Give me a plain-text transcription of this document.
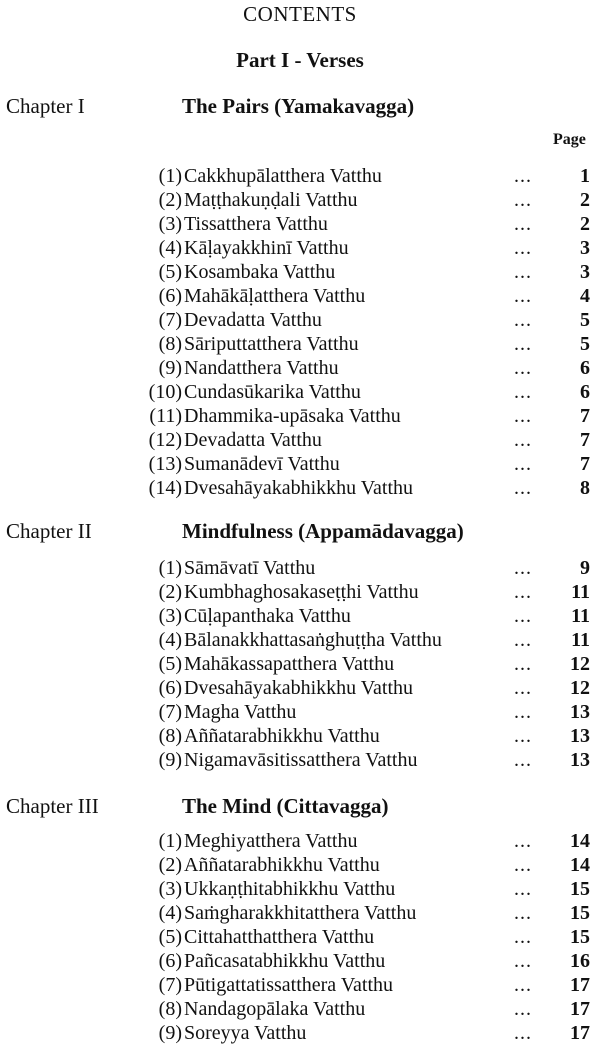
CONTENTS
Part I - Verses
Chapter I	The Pairs (Yamakavagga)
Page
(1) Cakkhupālatthera Vatthu	... 1
(2) Maṭṭhakuṇḍali Vatthu	... 2
(3) Tissatthera Vatthu	... 2
(4) Kāḷayakkhinī Vatthu	... 3
(5) Kosambaka Vatthu	... 3
(6) Mahākāḷatthera Vatthu	... 4
(7) Devadatta Vatthu	... 5
(8) Sāriputtatthera Vatthu	... 5
(9) Nandatthera Vatthu	... 6
(10) Cundasūkarika Vatthu	... 6
(11) Dhammika-upāsaka Vatthu	... 7
(12) Devadatta Vatthu	... 7
(13) Sumanādevī Vatthu	... 7
(14) Dvesahāyakabhikkhu Vatthu	... 8
Chapter II	Mindfulness (Appamādavagga)
(1) Sāmāvatī Vatthu	... 9
(2) Kumbhaghosakaseṭṭhi Vatthu	... 11
(3) Cūḷapanthaka Vatthu	... 11
(4) Bālanakkhattasaṅghuṭṭha Vatthu	... 11
(5) Mahākassapatthera Vatthu	... 12
(6) Dvesahāyakabhikkhu Vatthu	... 12
(7) Magha Vatthu	... 13
(8) Aññatarabhikkhu Vatthu	... 13
(9) Nigamavāsitissatthera Vatthu	... 13
Chapter III	The Mind (Cittavagga)
(1) Meghiyatthera Vatthu	... 14
(2) Aññatarabhikkhu Vatthu	... 14
(3) Ukkaṇṭhitabhikkhu Vatthu	... 15
(4) Saṁgharakkhitatthera Vatthu	... 15
(5) Cittahatthatthera Vatthu	... 15
(6) Pañcasatabhikkhu Vatthu	... 16
(7) Pūtigattatissatthera Vatthu	... 17
(8) Nandagopālaka Vatthu	... 17
(9) Soreyya Vatthu	... 17
